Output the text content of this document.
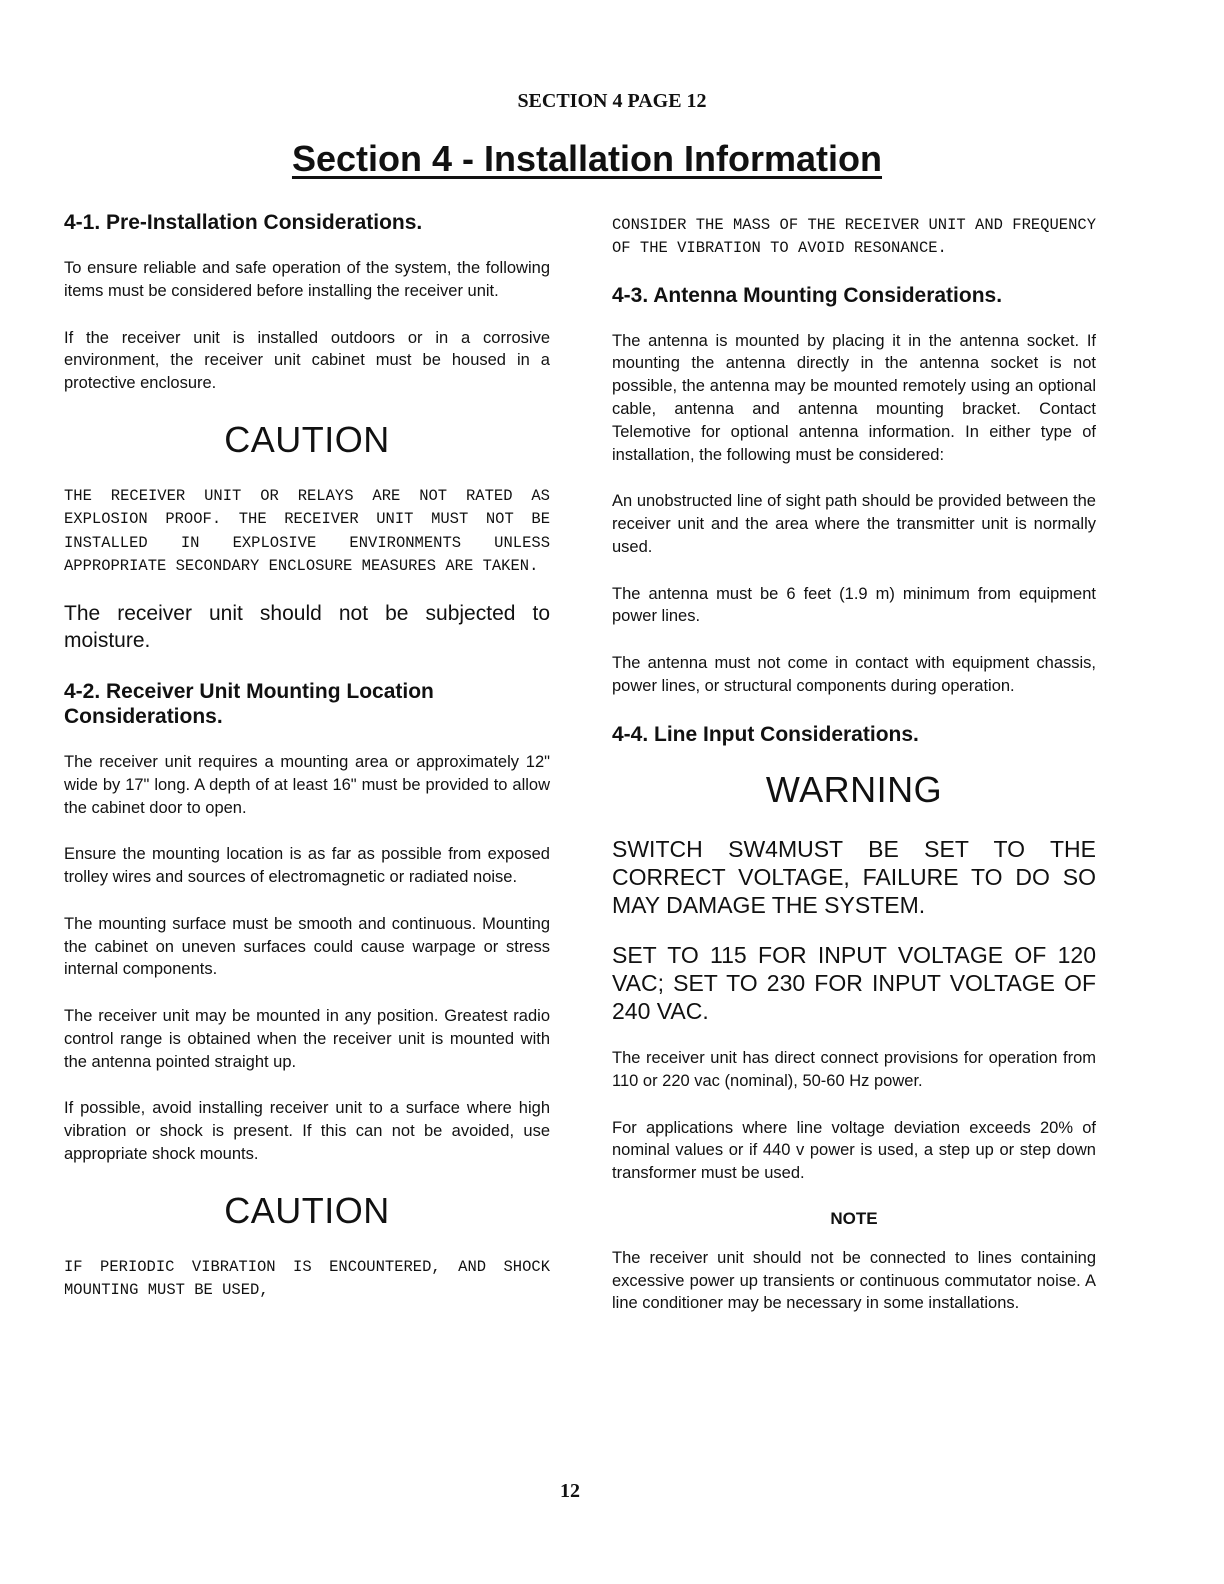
SECTION 4 PAGE 12
Section 4 - Installation Information
4-1. Pre-Installation Considerations.

To ensure reliable and safe operation of the system, the following items must be considered before installing the receiver unit.

If the receiver unit is installed outdoors or in a corrosive environment, the receiver unit cabinet must be housed in a protective enclosure.

CAUTION

THE RECEIVER UNIT OR RELAYS ARE NOT RATED AS EXPLOSION PROOF. THE RECEIVER UNIT MUST NOT BE INSTALLED IN EXPLOSIVE ENVIRONMENTS UNLESS APPROPRIATE SECONDARY ENCLOSURE MEASURES ARE TAKEN.

The receiver unit should not be subjected to moisture.

4-2. Receiver Unit Mounting Location Considerations.

The receiver unit requires a mounting area or approximately 12" wide by 17" long. A depth of at least 16" must be provided to allow the cabinet door to open.

Ensure the mounting location is as far as possible from exposed trolley wires and sources of electromagnetic or radiated noise.

The mounting surface must be smooth and continuous. Mounting the cabinet on uneven surfaces could cause warpage or stress internal components.

The receiver unit may be mounted in any position. Greatest radio control range is obtained when the receiver unit is mounted with the antenna pointed straight up.

If possible, avoid installing receiver unit to a surface where high vibration or shock is present. If this can not be avoided, use appropriate shock mounts.

CAUTION

IF PERIODIC VIBRATION IS ENCOUNTERED, AND SHOCK MOUNTING MUST BE USED,

CONSIDER THE MASS OF THE RECEIVER UNIT AND FREQUENCY OF THE VIBRATION TO AVOID RESONANCE.

4-3. Antenna Mounting Considerations.

The antenna is mounted by placing it in the antenna socket. If mounting the antenna directly in the antenna socket is not possible, the antenna may be mounted remotely using an optional cable, antenna and antenna mounting bracket. Contact Telemotive for optional antenna information. In either type of installation, the following must be considered:

An unobstructed line of sight path should be provided between the receiver unit and the area where the transmitter unit is normally used.

The antenna must be 6 feet (1.9 m) minimum from equipment power lines.

The antenna must not come in contact with equipment chassis, power lines, or structural components during operation.

4-4. Line Input Considerations.
WARNING

SWITCH SW4MUST BE SET TO THE CORRECT VOLTAGE, FAILURE TO DO SO MAY DAMAGE THE SYSTEM.

SET TO 115 FOR INPUT VOLTAGE OF 120 VAC; SET TO 230 FOR INPUT VOLTAGE OF 240 VAC.

The receiver unit has direct connect provisions for operation from 110 or 220 vac (nominal), 50-60 Hz power.

For applications where line voltage deviation exceeds 20% of nominal values or if 440 v power is used, a step up or step down transformer must be used.

NOTE

The receiver unit should not be connected to lines containing excessive power up transients or continuous commutator noise. A line conditioner may be necessary in some installations.

12
